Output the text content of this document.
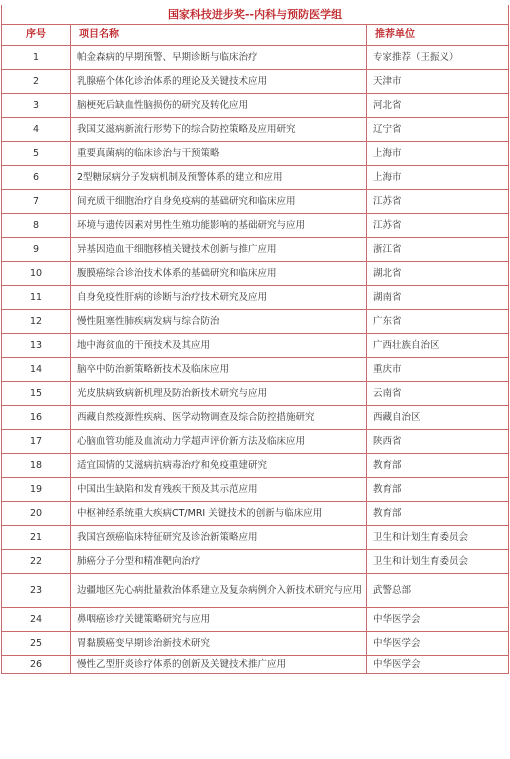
国家科技进步奖--内科与预防医学组		
序号	项目名称	推荐单位
1	帕金森病的早期预警、早期诊断与临床治疗	专家推荐（王振义）
2	乳腺癌个体化诊治体系的理论及关键技术应用	天津市
3	脑梗死后缺血性脑损伤的研究及转化应用	河北省
4	我国艾滋病新流行形势下的综合防控策略及应用研究	辽宁省
5	重要真菌病的临床诊治与干预策略	上海市
6	2型糖尿病分子发病机制及预警体系的建立和应用	上海市
7	间充质干细胞治疗自身免疫病的基础研究和临床应用	江苏省
8	环境与遗传因素对男性生殖功能影响的基础研究与应用	江苏省
9	异基因造血干细胞移植关键技术创新与推广应用	浙江省
10	腹膜癌综合诊治技术体系的基础研究和临床应用	湖北省
11	自身免疫性肝病的诊断与治疗技术研究及应用	湖南省
12	慢性阻塞性肺疾病发病与综合防治	广东省
13	地中海贫血的干预技术及其应用	广西壮族自治区
14	脑卒中防治新策略新技术及临床应用	重庆市
15	光皮肤病致病新机理及防治新技术研究与应用	云南省
16	西藏自然疫源性疾病、医学动物调查及综合防控措施研究	西藏自治区
17	心脑血管功能及血流动力学超声评价新方法及临床应用	陕西省
18	适宜国情的艾滋病抗病毒治疗和免疫重建研究	教育部
19	中国出生缺陷和发育残疾干预及其示范应用	教育部
20	中枢神经系统重大疾病CT/MRI 关键技术的创新与临床应用	教育部
21	我国宫颈癌临床特征研究及诊治新策略应用	卫生和计划生育委员会
22	肺癌分子分型和精准靶向治疗	卫生和计划生育委员会
23	边疆地区先心病批量救治体系建立及复杂病例介入新技术研究与应用	武警总部
24	鼻咽癌诊疗关键策略研究与应用	中华医学会
25	胃黏膜癌变早期诊治新技术研究	中华医学会
26	慢性乙型肝炎诊疗体系的创新及关键技术推广应用	中华医学会
